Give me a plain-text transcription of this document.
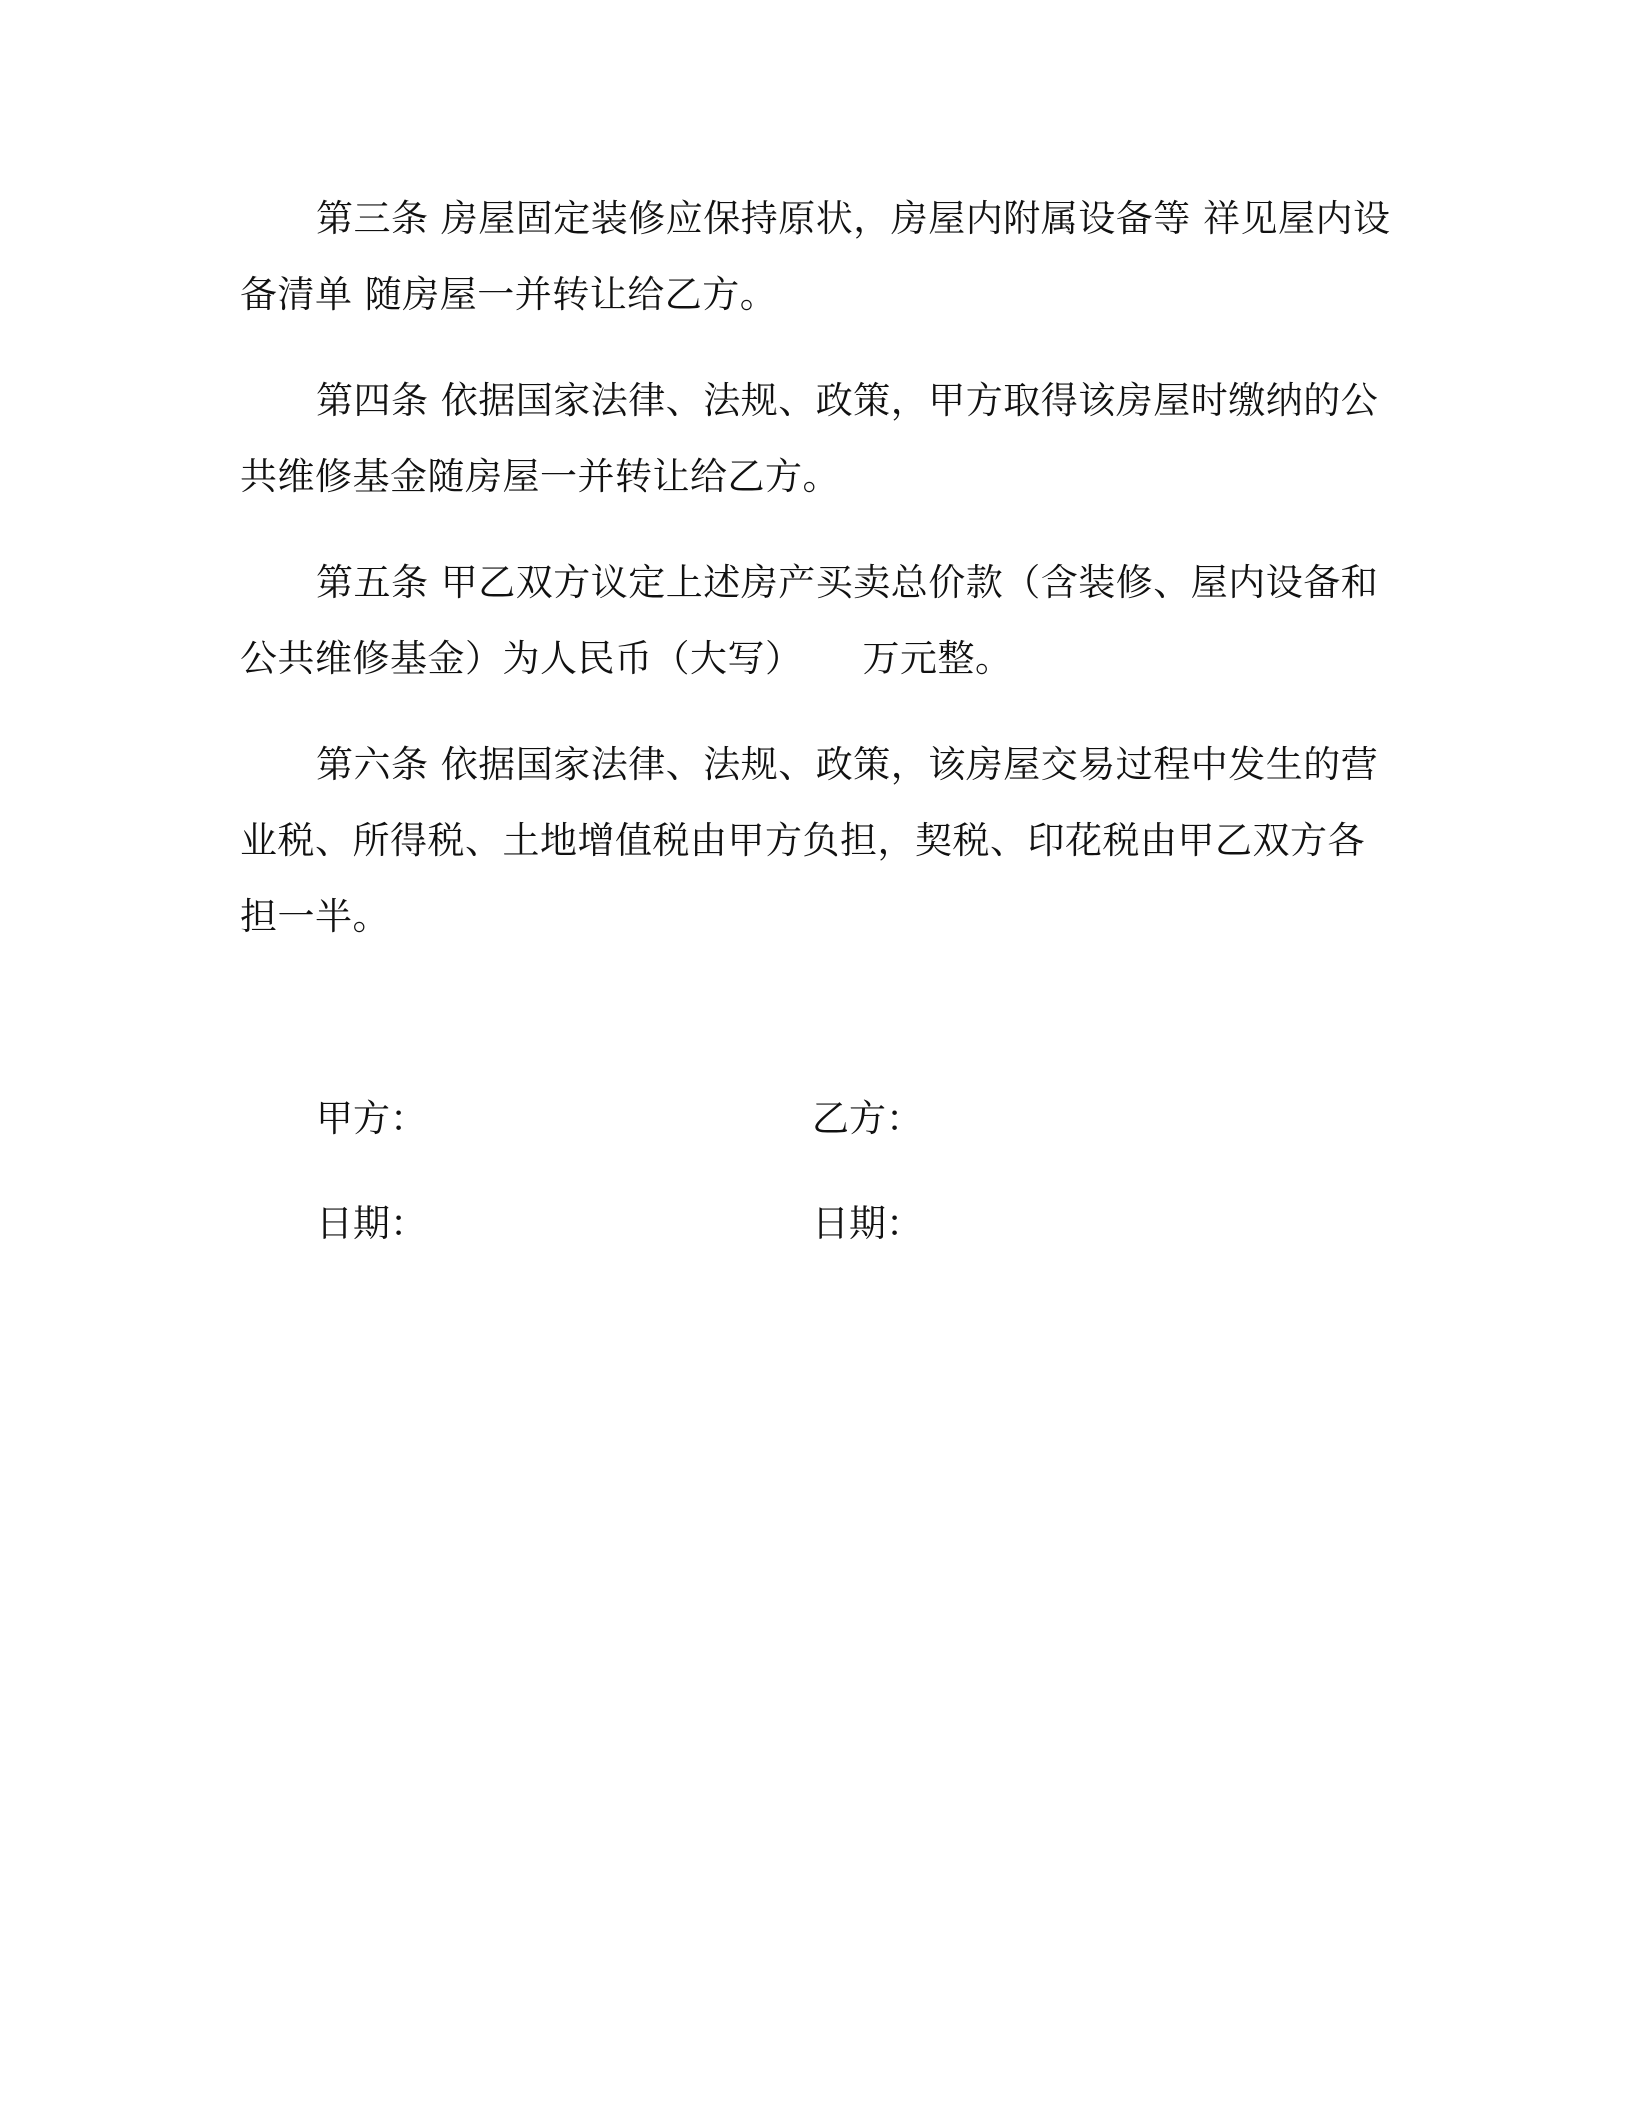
第三条 房屋固定装修应保持原状，房屋内附属设备等 祥见屋内设
备清单 随房屋一并转让给乙方。
第四条 依据国家法律、法规、政策，甲方取得该房屋时缴纳的公
共维修基金随房屋一并转让给乙方。
第五条 甲乙双方议定上述房产买卖总价款（含装修、屋内设备和
公共维修基金）为人民币（大写） 万元整。
第六条 依据国家法律、法规、政策，该房屋交易过程中发生的营
业税、所得税、土地增值税由甲方负担，契税、印花税由甲乙双方各
担一半。
甲方：	乙方：
日期：	日期：
